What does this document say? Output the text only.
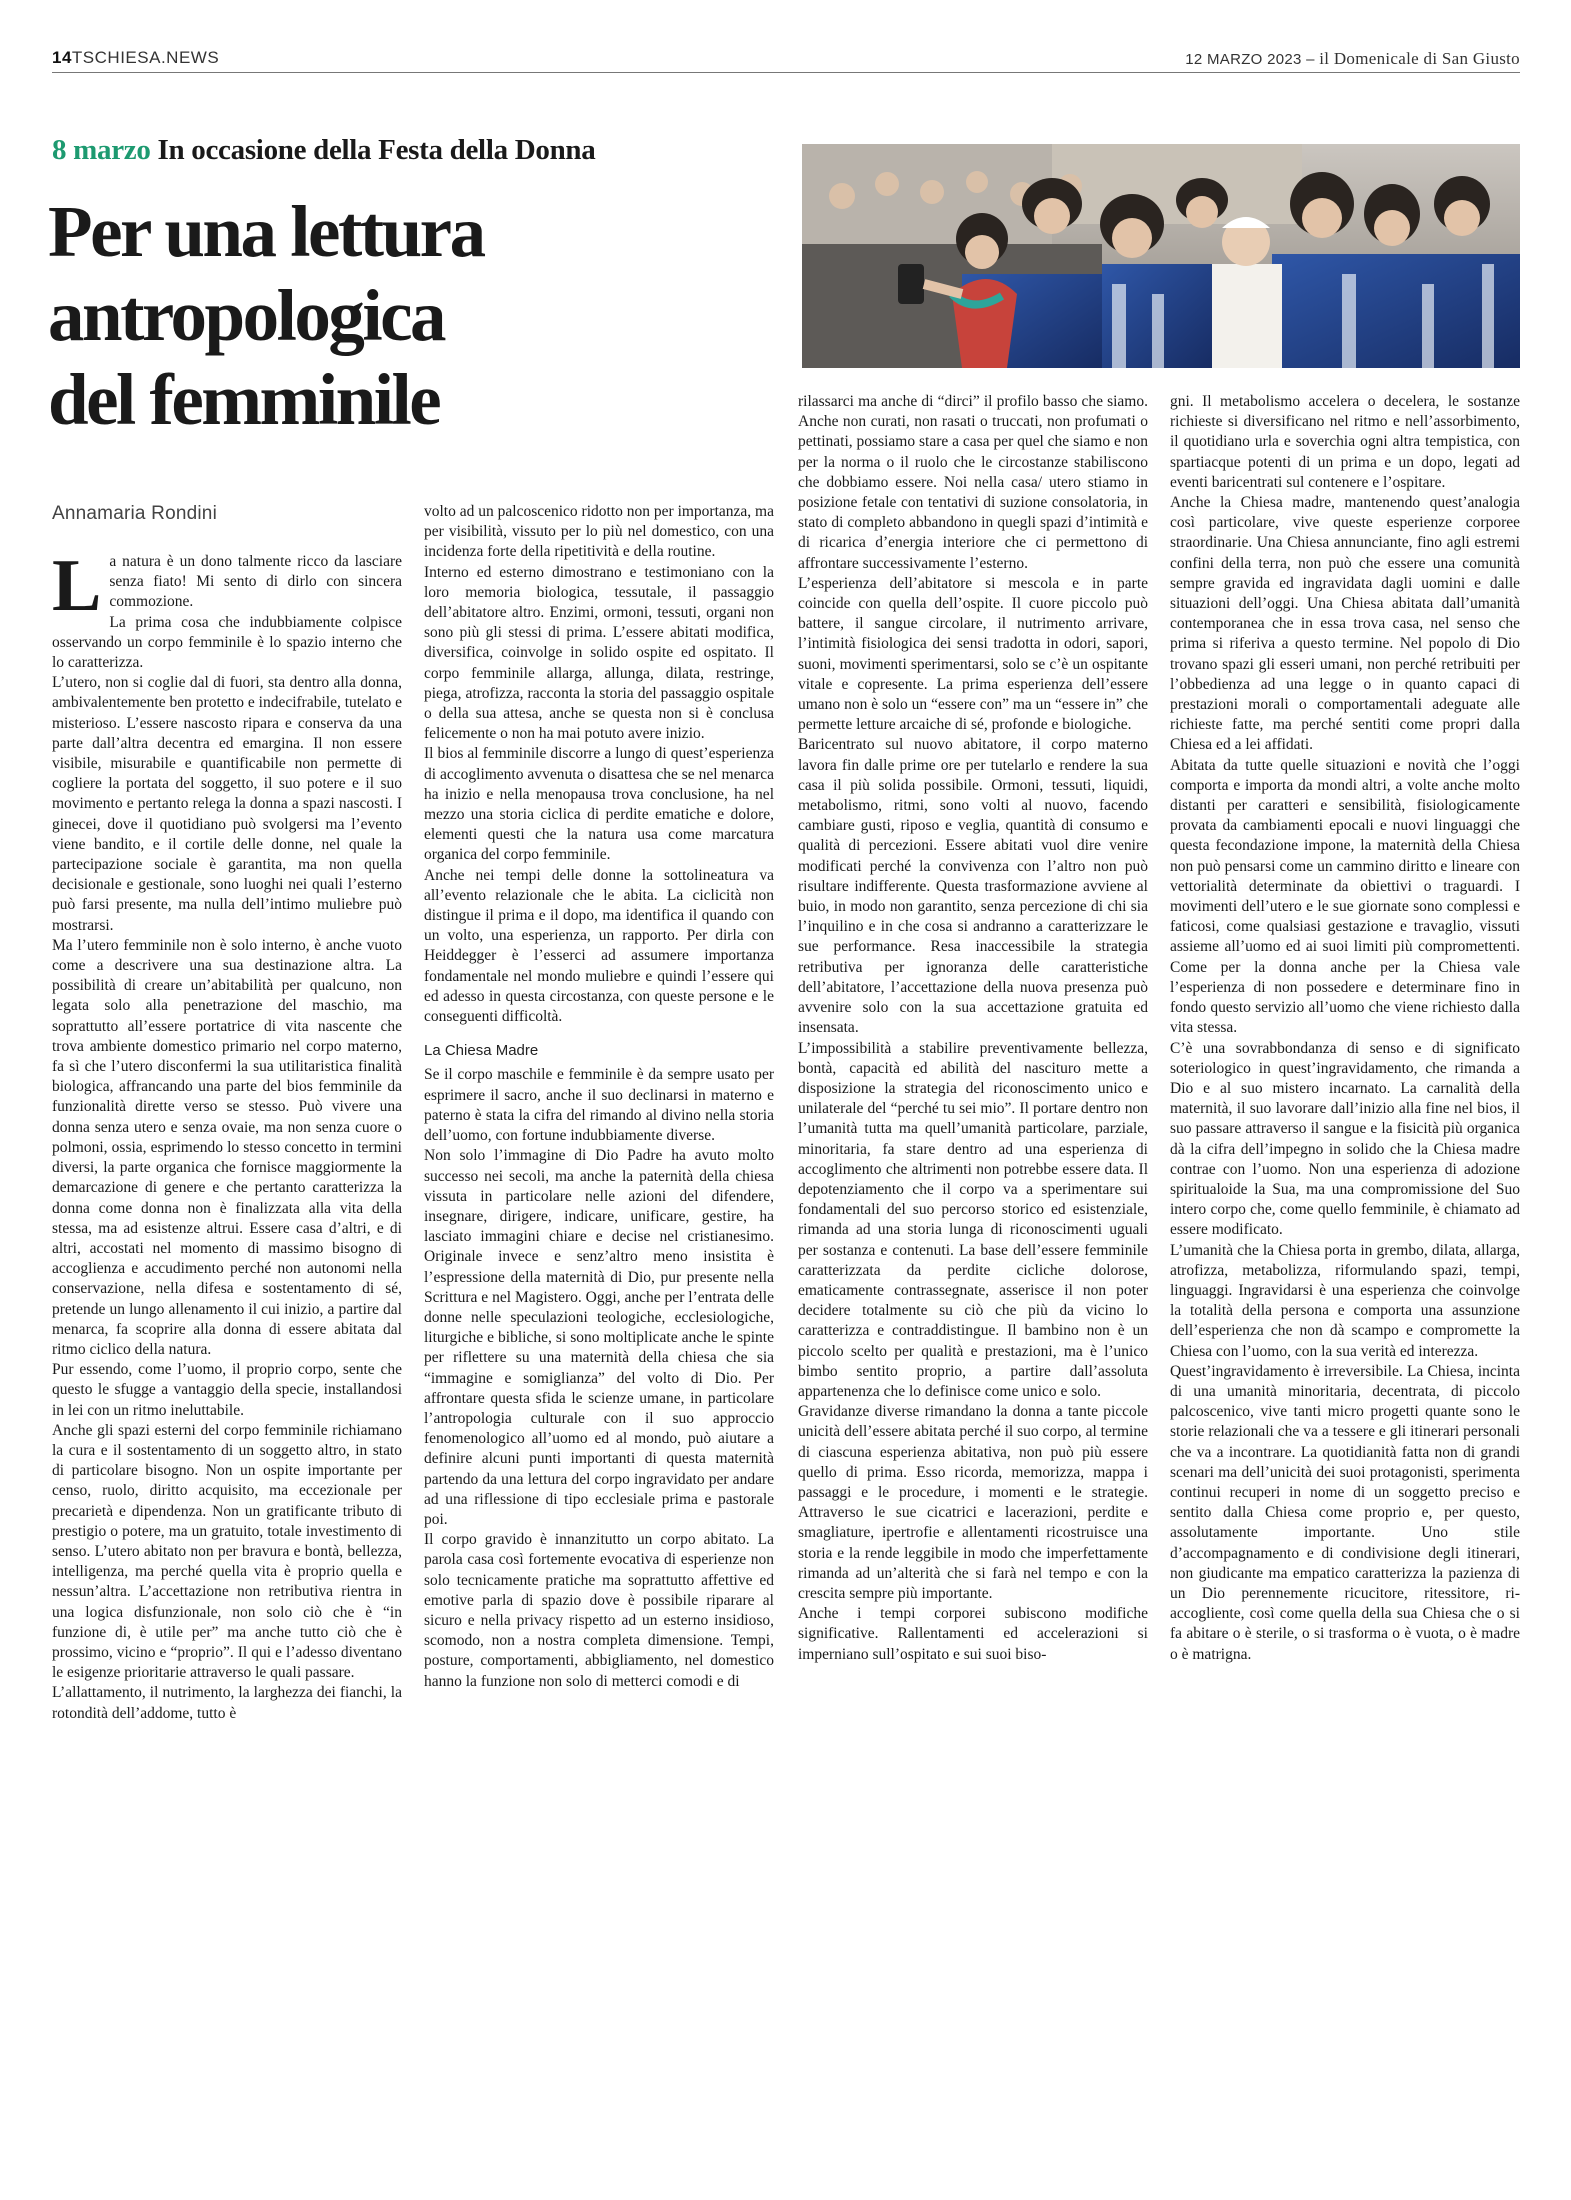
14TSCHIESA.NEWS	12 MARZO 2023 – il Domenicale di San Giusto
8 marzo In occasione della Festa della Donna
Per una lettura
antropologica
del femminile
Annamaria Rondini

La natura è un dono talmente ricco da lasciare senza fiato! Mi sento di dirlo con sincera commozione.

La prima cosa che indubbiamente colpisce osservando un corpo femminile è lo spazio interno che lo caratterizza.

L’utero, non si coglie dal di fuori, sta dentro alla donna, ambivalentemente ben protetto e indecifrabile, tutelato e misterioso. L’essere nascosto ripara e conserva da una parte dall’altra decentra ed emargina. Il non essere visibile, misurabile e quantificabile non permette di cogliere la portata del soggetto, il suo potere e il suo movimento e pertanto relega la donna a spazi nascosti. I ginecei, dove il quotidiano può svolgersi ma l’evento viene bandito, e il cortile delle donne, nel quale la partecipazione sociale è garantita, ma non quella decisionale e gestionale, sono luoghi nei quali l’esterno può farsi presente, ma nulla dell’intimo muliebre può mostrarsi.

Ma l’utero femminile non è solo interno, è anche vuoto come a descrivere una sua destinazione altra. La possibilità di creare un’abitabilità per qualcuno, non legata solo alla penetrazione del maschio, ma soprattutto all’essere portatrice di vita nascente che trova ambiente domestico primario nel corpo materno, fa sì che l’utero disconfermi la sua utilitaristica finalità biologica, affrancando una parte del bios femminile da funzionalità dirette verso se stesso. Può vivere una donna senza utero e senza ovaie, ma non senza cuore o polmoni, ossia, esprimendo lo stesso concetto in termini diversi, la parte organica che fornisce maggiormente la demarcazione di genere e che pertanto caratterizza la donna come donna non è finalizzata alla vita della stessa, ma ad esistenze altrui. Essere casa d’altri, e di altri, accostati nel momento di massimo bisogno di accoglienza e accudimento perché non autonomi nella conservazione, nella difesa e sostentamento di sé, pretende un lungo allenamento il cui inizio, a partire dal menarca, fa scoprire alla donna di essere abitata dal ritmo ciclico della natura.

Pur essendo, come l’uomo, il proprio corpo, sente che questo le sfugge a vantaggio della specie, installandosi in lei con un ritmo ineluttabile.

Anche gli spazi esterni del corpo femminile richiamano la cura e il sostentamento di un soggetto altro, in stato di particolare bisogno. Non un ospite importante per censo, ruolo, diritto acquisito, ma eccezionale per precarietà e dipendenza. Non un gratificante tributo di prestigio o potere, ma un gratuito, totale investimento di senso. L’utero abitato non per bravura e bontà, bellezza, intelligenza, ma perché quella vita è proprio quella e nessun’altra. L’accettazione non retributiva rientra in una logica disfunzionale, non solo ciò che è “in funzione di, è utile per” ma anche tutto ciò che è prossimo, vicino e “proprio”. Il qui e l’adesso diventano le esigenze prioritarie attraverso le quali passare.

L’allattamento, il nutrimento, la larghezza dei fianchi, la rotondità dell’addome, tutto è

volto ad un palcoscenico ridotto non per importanza, ma per visibilità, vissuto per lo più nel domestico, con una incidenza forte della ripetitività e della routine.

Interno ed esterno dimostrano e testimoniano con la loro memoria biologica, tessutale, il passaggio dell’abitatore altro. Enzimi, ormoni, tessuti, organi non sono più gli stessi di prima. L’essere abitati modifica, diversifica, coinvolge in solido ospite ed ospitato. Il corpo femminile allarga, allunga, dilata, restringe, piega, atrofizza, racconta la storia del passaggio ospitale o della sua attesa, anche se questa non si è conclusa felicemente o non ha mai potuto avere inizio.

Il bios al femminile discorre a lungo di quest’esperienza di accoglimento avvenuta o disattesa che se nel menarca ha inizio e nella menopausa trova conclusione, ha nel mezzo una storia ciclica di perdite ematiche e dolore, elementi questi che la natura usa come marcatura organica del corpo femminile.

Anche nei tempi delle donne la sottolineatura va all’evento relazionale che le abita. La ciclicità non distingue il prima e il dopo, ma identifica il quando con un volto, una esperienza, un rapporto. Per dirla con Heiddegger è l’esserci ad assumere importanza fondamentale nel mondo muliebre e quindi l’essere qui ed adesso in questa circostanza, con queste persone e le conseguenti difficoltà.

La Chiesa Madre

Se il corpo maschile e femminile è da sempre usato per esprimere il sacro, anche il suo declinarsi in materno e paterno è stata la cifra del rimando al divino nella storia dell’uomo, con fortune indubbiamente diverse.

Non solo l’immagine di Dio Padre ha avuto molto successo nei secoli, ma anche la paternità della chiesa vissuta in particolare nelle azioni del difendere, insegnare, dirigere, indicare, unificare, gestire, ha lasciato immagini chiare e decise nel cristianesimo. Originale invece e senz’altro meno insistita è l’espressione della maternità di Dio, pur presente nella Scrittura e nel Magistero. Oggi, anche per l’entrata delle donne nelle speculazioni teologiche, ecclesiologiche, liturgiche e bibliche, si sono moltiplicate anche le spinte per riflettere su una maternità della chiesa che sia “immagine e somiglianza” del volto di Dio. Per affrontare questa sfida le scienze umane, in particolare l’antropologia culturale con il suo approccio fenomenologico all’uomo ed al mondo, può aiutare a definire alcuni punti importanti di questa maternità partendo da una lettura del corpo ingravidato per andare ad una riflessione di tipo ecclesiale prima e pastorale poi.

Il corpo gravido è innanzitutto un corpo abitato. La parola casa così fortemente evocativa di esperienze non solo tecnicamente pratiche ma soprattutto affettive ed emotive parla di spazio dove è possibile riparare al sicuro e nella privacy rispetto ad un esterno insidioso, scomodo, non a nostra completa dimensione. Tempi, posture, comportamenti, abbigliamento, nel domestico hanno la funzione non solo di metterci comodi e di

rilassarci ma anche di “dirci” il profilo basso che siamo. Anche non curati, non rasati o truccati, non profumati o pettinati, possiamo stare a casa per quel che siamo e non per la norma o il ruolo che le circostanze stabiliscono che dobbiamo essere. Noi nella casa/ utero stiamo in posizione fetale con tentativi di suzione consolatoria, in stato di completo abbandono in quegli spazi d’intimità e di ricarica d’energia interiore che ci permettono di affrontare successivamente l’esterno.

L’esperienza dell’abitatore si mescola e in parte coincide con quella dell’ospite. Il cuore piccolo può battere, il sangue circolare, il nutrimento arrivare, l’intimità fisiologica dei sensi tradotta in odori, sapori, suoni, movimenti sperimentarsi, solo se c’è un ospitante vitale e copresente. La prima esperienza dell’essere umano non è solo un “essere con” ma un “essere in” che permette letture arcaiche di sé, profonde e biologiche.

Baricentrato sul nuovo abitatore, il corpo materno lavora fin dalle prime ore per tutelarlo e rendere la sua casa il più solida possibile. Ormoni, tessuti, liquidi, metabolismo, ritmi, sono volti al nuovo, facendo cambiare gusti, riposo e veglia, quantità di consumo e qualità di percezioni. Essere abitati vuol dire venire modificati perché la convivenza con l’altro non può risultare indifferente. Questa trasformazione avviene al buio, in modo non garantito, senza percezione di chi sia l’inquilino e in che cosa si andranno a caratterizzare le sue performance. Resa inaccessibile la strategia retributiva per ignoranza delle caratteristiche dell’abitatore, l’accettazione della nuova presenza può avvenire solo con la sua accettazione gratuita ed insensata.

L’impossibilità a stabilire preventivamente bellezza, bontà, capacità ed abilità del nascituro mette a disposizione la strategia del riconoscimento unico e unilaterale del “perché tu sei mio”. Il portare dentro non l’umanità tutta ma quell’umanità particolare, parziale, minoritaria, fa stare dentro ad una esperienza di accoglimento che altrimenti non potrebbe essere data. Il depotenziamento che il corpo va a sperimentare sui fondamentali del suo percorso storico ed esistenziale, rimanda ad una storia lunga di riconoscimenti uguali per sostanza e contenuti. La base dell’essere femminile caratterizzata da perdite cicliche dolorose, ematicamente contrassegnate, asserisce il non poter decidere totalmente su ciò che più da vicino lo caratterizza e contraddistingue. Il bambino non è un piccolo scelto per qualità e prestazioni, ma è l’unico bimbo sentito proprio, a partire dall’assoluta appartenenza che lo definisce come unico e solo.

Gravidanze diverse rimandano la donna a tante piccole unicità dell’essere abitata perché il suo corpo, al termine di ciascuna esperienza abitativa, non può più essere quello di prima. Esso ricorda, memorizza, mappa i passaggi e le procedure, i momenti e le strategie. Attraverso le sue cicatrici e lacerazioni, perdite e smagliature, ipertrofie e allentamenti ricostruisce una storia e la rende leggibile in modo che imperfettamente rimanda ad un’alterità che si farà nel tempo e con la crescita sempre più importante.

Anche i tempi corporei subiscono modifiche significative. Rallentamenti ed accelerazioni si imperniano sull’ospitato e sui suoi biso-

gni. Il metabolismo accelera o decelera, le sostanze richieste si diversificano nel ritmo e nell’assorbimento, il quotidiano urla e soverchia ogni altra tempistica, con spartiacque potenti di un prima e un dopo, legati ad eventi baricentrati sul contenere e l’ospitare.

Anche la Chiesa madre, mantenendo quest’analogia così particolare, vive queste esperienze corporee straordinarie. Una Chiesa annunciante, fino agli estremi confini della terra, non può che essere una comunità sempre gravida ed ingravidata dagli uomini e dalle situazioni dell’oggi. Una Chiesa abitata dall’umanità contemporanea che in essa trova casa, nel senso che prima si riferiva a questo termine. Nel popolo di Dio trovano spazi gli esseri umani, non perché retribuiti per l’obbedienza ad una legge o in quanto capaci di prestazioni morali o comportamentali adeguate alle richieste fatte, ma perché sentiti come propri dalla Chiesa ed a lei affidati.

Abitata da tutte quelle situazioni e novità che l’oggi comporta e importa da mondi altri, a volte anche molto distanti per caratteri e sensibilità, fisiologicamente provata da cambiamenti epocali e nuovi linguaggi che questa fecondazione impone, la maternità della Chiesa non può pensarsi come un cammino diritto e lineare con vettorialità determinate da obiettivi o traguardi. I movimenti dell’utero e le sue giornate sono complessi e faticosi, come qualsiasi gestazione e travaglio, vissuti assieme all’uomo ed ai suoi limiti più compromettenti. Come per la donna anche per la Chiesa vale l’esperienza di non possedere e determinare fino in fondo questo servizio all’uomo che viene richiesto dalla vita stessa.

C’è una sovrabbondanza di senso e di significato soteriologico in quest’ingravidamento, che rimanda a Dio e al suo mistero incarnato. La carnalità della maternità, il suo lavorare dall’inizio alla fine nel bios, il suo passare attraverso il sangue e la fisicità più organica dà la cifra dell’impegno in solido che la Chiesa madre contrae con l’uomo. Non una esperienza di adozione spiritualoide la Sua, ma una compromissione del Suo intero corpo che, come quello femminile, è chiamato ad essere modificato.

L’umanità che la Chiesa porta in grembo, dilata, allarga, atrofizza, metabolizza, riformulando spazi, tempi, linguaggi. Ingravidarsi è una esperienza che coinvolge la totalità della persona e comporta una assunzione dell’esperienza che non dà scampo e compromette la Chiesa con l’uomo, con la sua verità ed interezza.

Quest’ingravidamento è irreversibile. La Chiesa, incinta di una umanità minoritaria, decentrata, di piccolo palcoscenico, vive tanti micro progetti quante sono le storie relazionali che va a tessere e gli itinerari personali che va a incontrare. La quotidianità fatta non di grandi scenari ma dell’unicità dei suoi protagonisti, sperimenta continui recuperi in nome di un soggetto preciso e sentito dalla Chiesa come proprio e, per questo, assolutamente importante. Uno stile d’accompagnamento e di condivisione degli itinerari, non giudicante ma empatico caratterizza la pazienza di un Dio perennemente ricucitore, ritessitore, ri-accogliente, così come quella della sua Chiesa che o si fa abitare o è sterile, o si trasforma o è vuota, o è madre o è matrigna.
